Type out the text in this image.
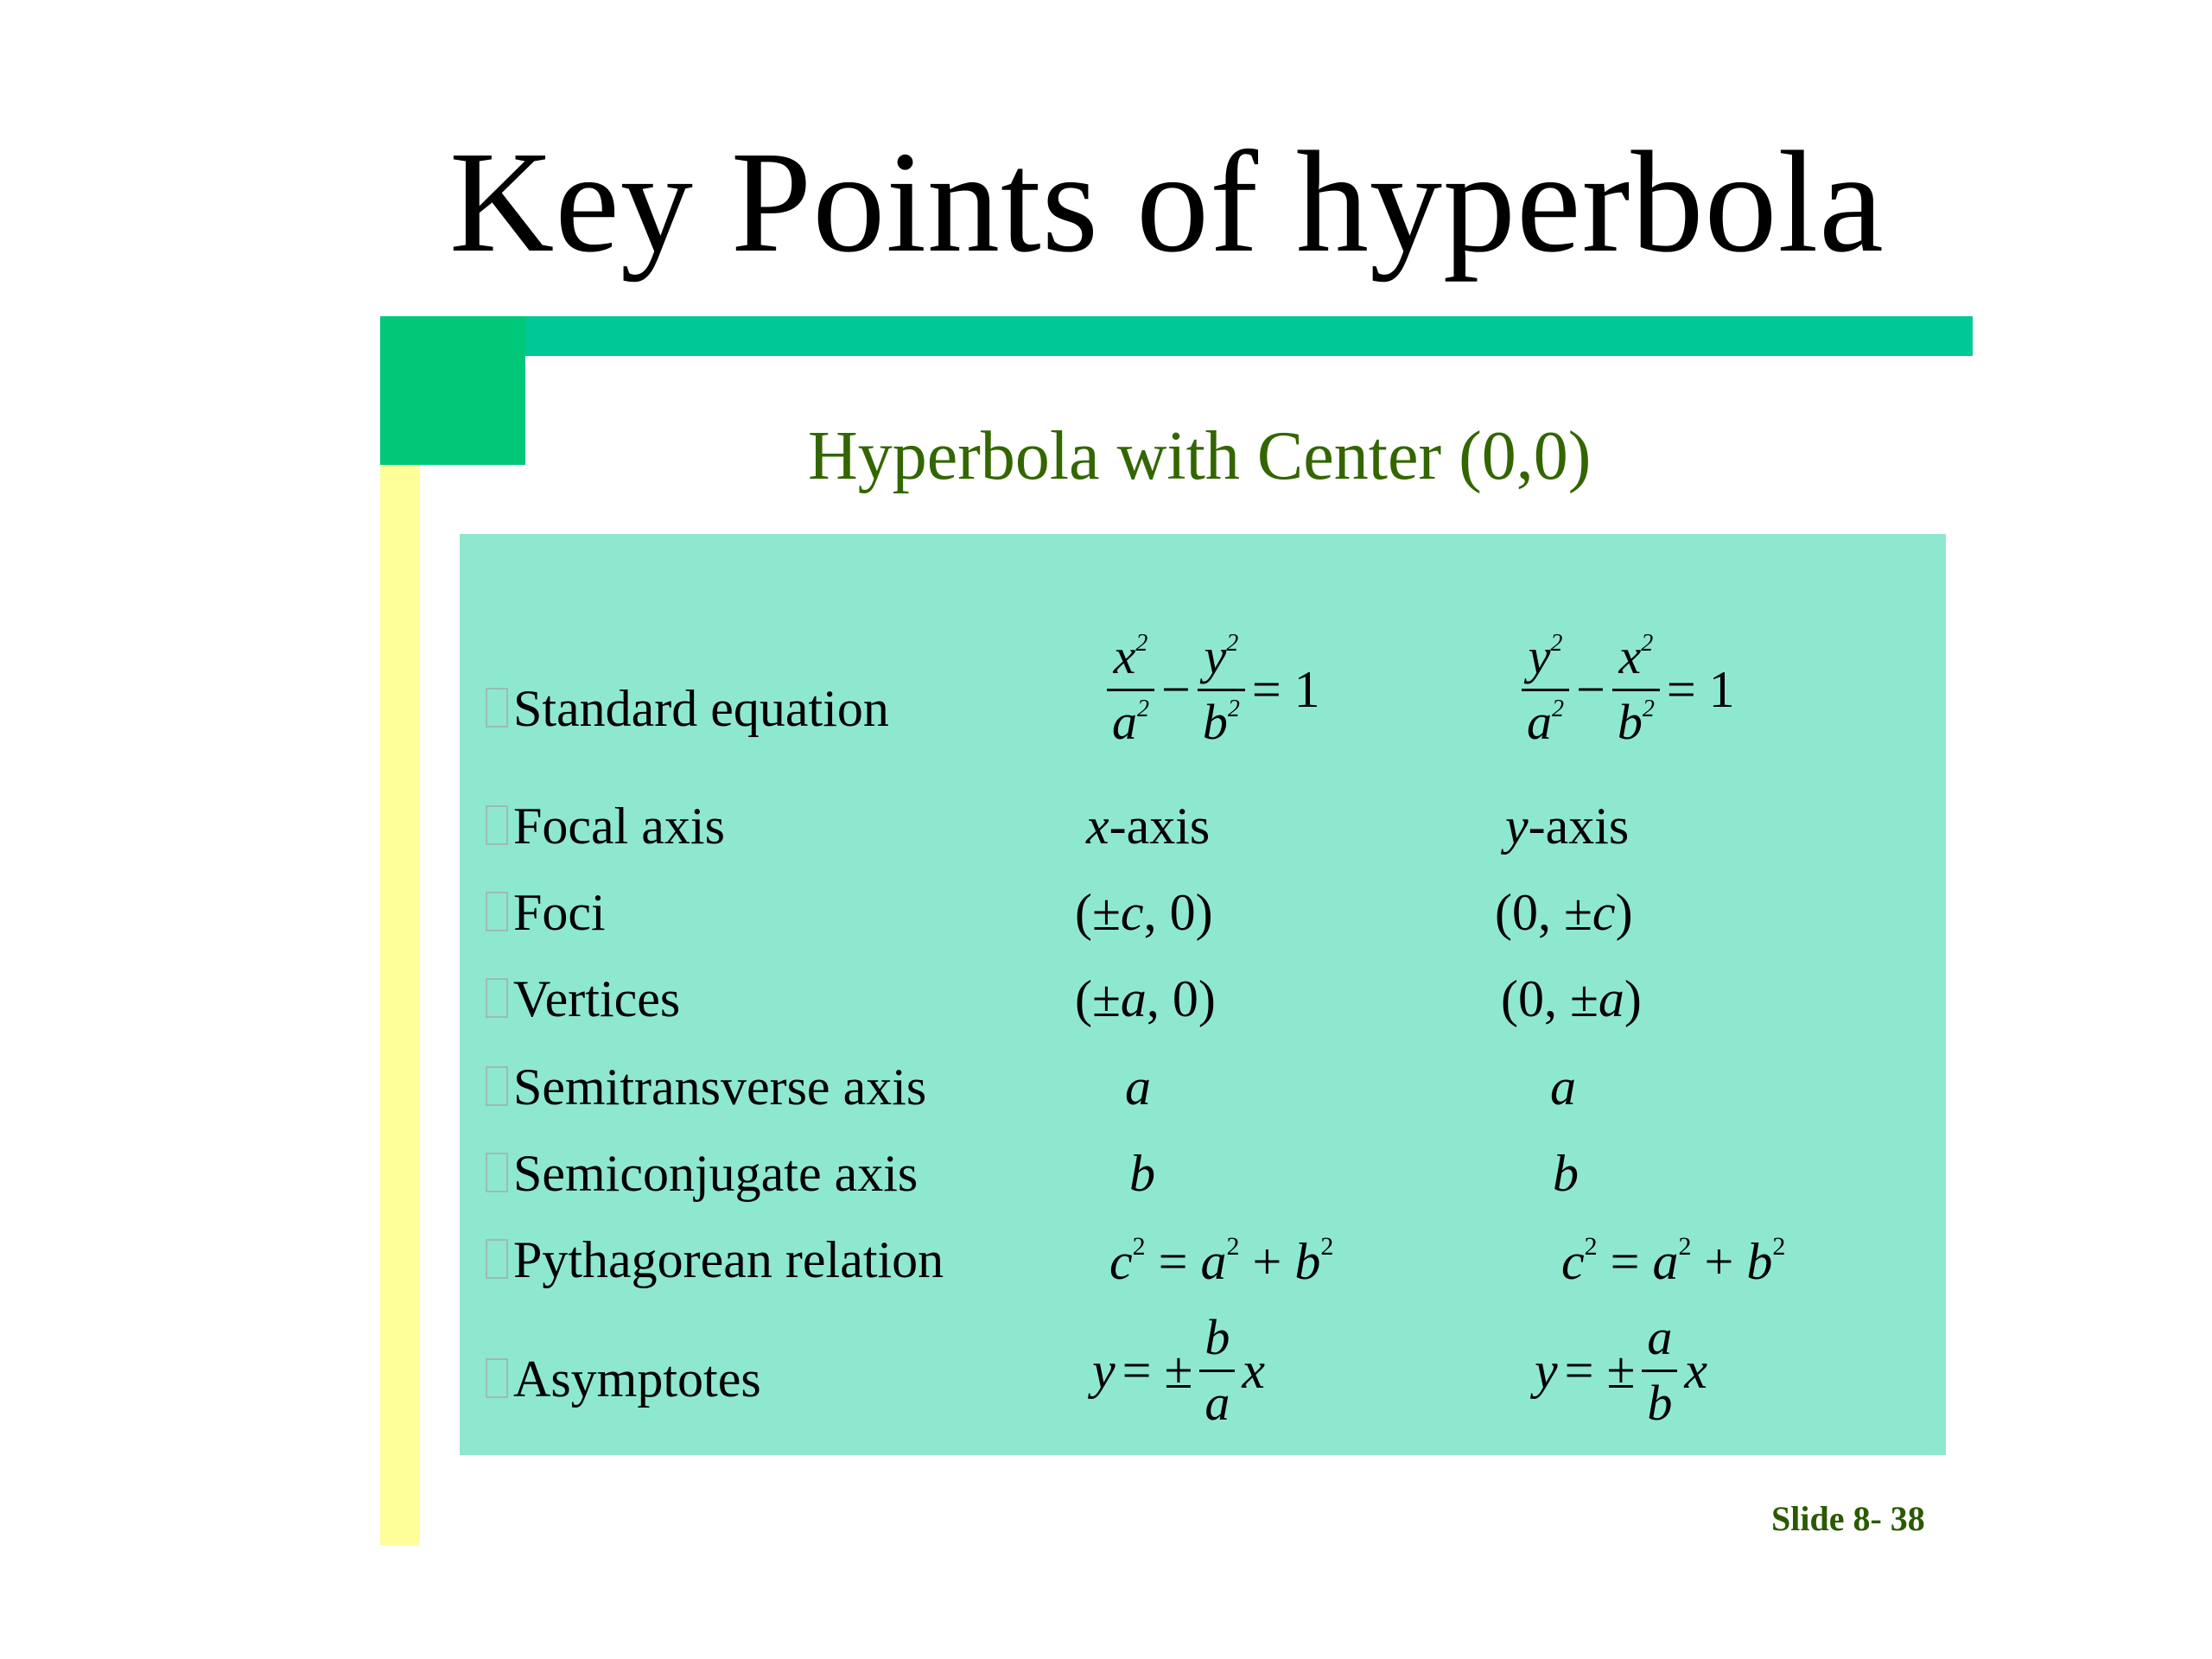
Key Points of hyperbola
Hyperbola with Center (0,0)
Standard equation	$\frac{x^2}{a^2} - \frac{y^2}{b^2} = 1$	$\frac{y^2}{a^2} - \frac{x^2}{b^2} = 1$
Focal axis	x-axis	y-axis
Foci	(±c, 0)	(0, ±c)
Vertices	(±a, 0)	(0, ±a)
Semitransverse axis	a	a
Semiconjugate axis	b	b
Pythagorean relation	$c^2 = a^2 + b^2$	$c^2 = a^2 + b^2$
Asymptotes	$y= \pm \frac{b}{a}$ x	$y= \pm \frac{a}{b}$ x
Slide 8- 38
